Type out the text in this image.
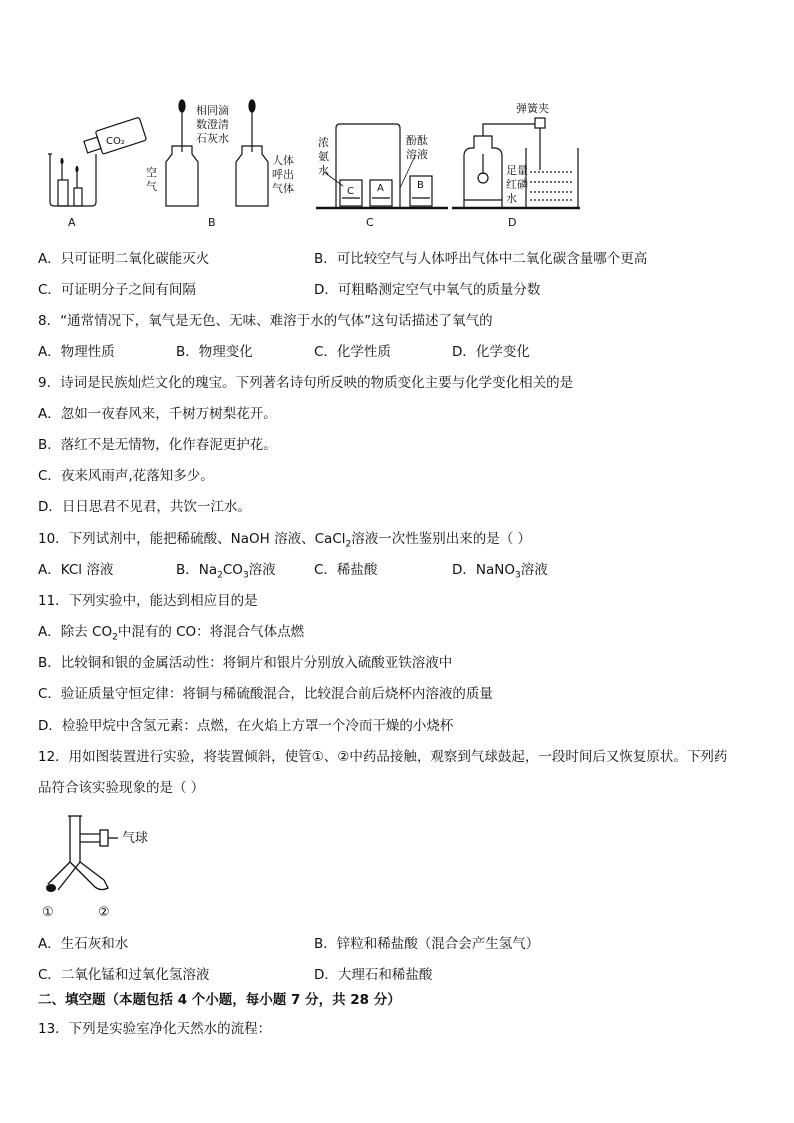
A
CO₂
B
相同滴
数澄清
石灰水
空
气
人体
呼出
气体
C
浓
氨
水
酚酞
溶液
C A	B
D
弹簧夹
足量
红磷
水
A．只可证明二氧化碳能灭火	B．可比较空气与人体呼出气体中二氧化碳含量哪个更高
C．可证明分子之间有间隔	D．可粗略测定空气中氧气的质量分数
8．“通常情况下，氧气是无色、无味、难溶于水的气体”这句话描述了氧气的
A．物理性质	B．物理变化	C．化学性质	D．化学变化
9．诗词是民族灿烂文化的瑰宝。下列著名诗句所反映的物质变化主要与化学变化相关的是
A．忽如一夜春风来，千树万树梨花开。
B．落红不是无情物，化作春泥更护花。
C．夜来风雨声,花落知多少。
D．日日思君不见君，共饮一江水。
10．下列试剂中，能把稀硫酸、NaOH 溶液、CaCl$_2$溶液一次性鉴别出来的是（ ）
A．KCl 溶液	B．$Na_2CO_3$溶液	C．稀盐酸	D．NaNO$_3$溶液
11．下列实验中，能达到相应目的是
A．除去 $CO_2$中混有的 CO：将混合气体点燃
B．比较铜和银的金属活动性：将铜片和银片分别放入硫酸亚铁溶液中
C．验证质量守恒定律：将铜与稀硫酸混合，比较混合前后烧杯内溶液的质量
D．检验甲烷中含氢元素：点燃，在火焰上方罩一个冷而干燥的小烧杯
12．用如图装置进行实验，将装置倾斜，使管①、②中药品接触，观察到气球鼓起，一段时间后又恢复原状。下列药
品符合该实验现象的是（ ）
气球
①	②
A．生石灰和水	B．锌粒和稀盐酸（混合会产生氢气）
C．二氧化锰和过氧化氢溶液	D．大理石和稀盐酸
二、填空题（本题包括 4 个小题，每小题 7 分，共 28 分）
13．下列是实验室净化天然水的流程：
